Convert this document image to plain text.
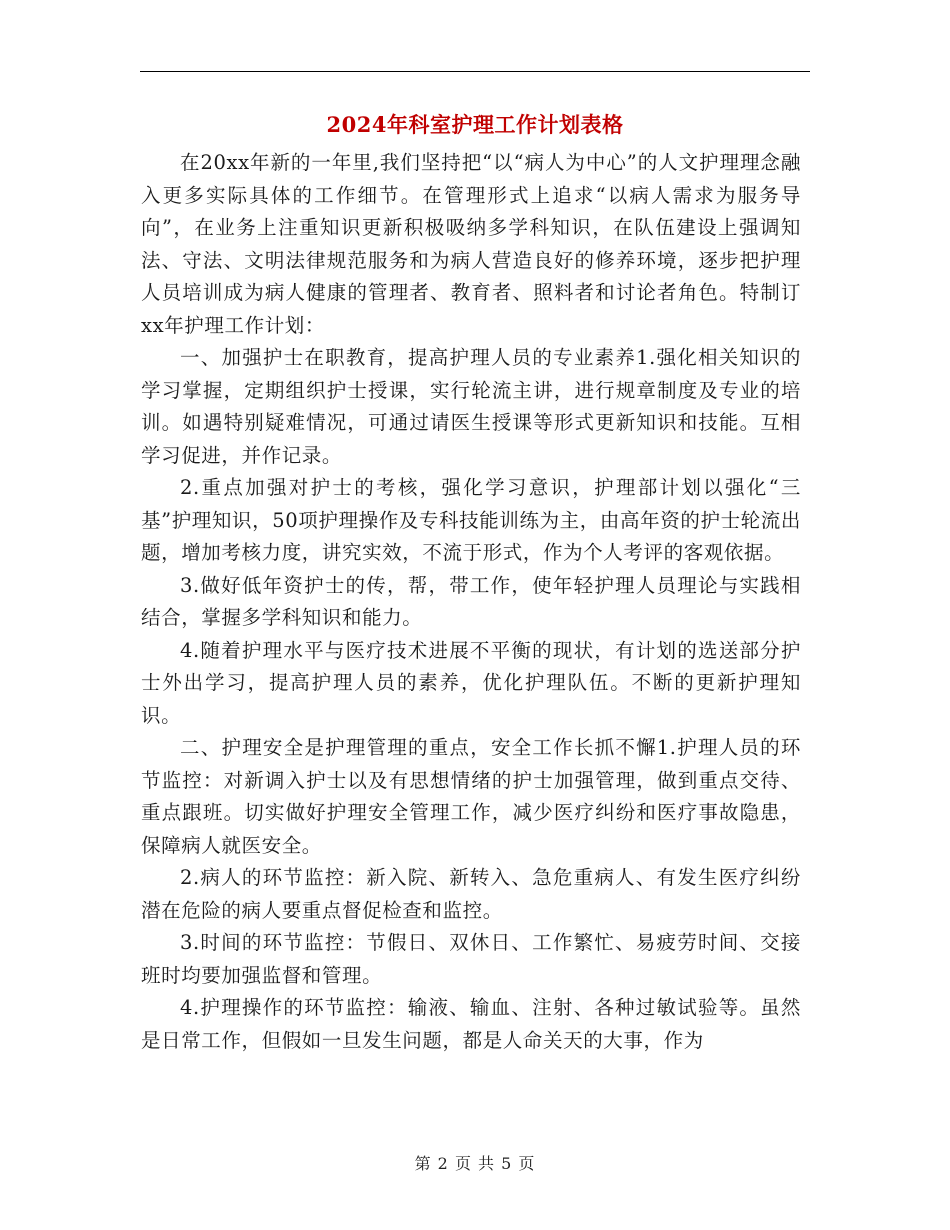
2024年科室护理工作计划表格

在20xx年新的一年里,我们坚持把“以“病人为中心”的人文护理理念融入更多实际具体的工作细节。在管理形式上追求“以病人需求为服务导向”，在业务上注重知识更新积极吸纳多学科知识，在队伍建设上强调知法、守法、文明法律规范服务和为病人营造良好的修养环境，逐步把护理人员培训成为病人健康的管理者、教育者、照料者和讨论者角色。特制订xx年护理工作计划：

一、加强护士在职教育，提高护理人员的专业素养1.强化相关知识的学习掌握，定期组织护士授课，实行轮流主讲，进行规章制度及专业的培训。如遇特别疑难情况，可通过请医生授课等形式更新知识和技能。互相学习促进，并作记录。

2.重点加强对护士的考核，强化学习意识，护理部计划以强化“三基”护理知识，50项护理操作及专科技能训练为主，由高年资的护士轮流出题，增加考核力度，讲究实效，不流于形式，作为个人考评的客观依据。

3.做好低年资护士的传，帮，带工作，使年轻护理人员理论与实践相结合，掌握多学科知识和能力。

4.随着护理水平与医疗技术进展不平衡的现状，有计划的选送部分护士外出学习，提高护理人员的素养，优化护理队伍。不断的更新护理知识。

二、护理安全是护理管理的重点，安全工作长抓不懈1.护理人员的环节监控：对新调入护士以及有思想情绪的护士加强管理，做到重点交待、重点跟班。切实做好护理安全管理工作，减少医疗纠纷和医疗事故隐患，保障病人就医安全。

2.病人的环节监控：新入院、新转入、急危重病人、有发生医疗纠纷潜在危险的病人要重点督促检查和监控。

3.时间的环节监控：节假日、双休日、工作繁忙、易疲劳时间、交接班时均要加强监督和管理。

4.护理操作的环节监控：输液、输血、注射、各种过敏试验等。虽然是日常工作，但假如一旦发生问题，都是人命关天的大事，作为

第 2 页 共 5 页
